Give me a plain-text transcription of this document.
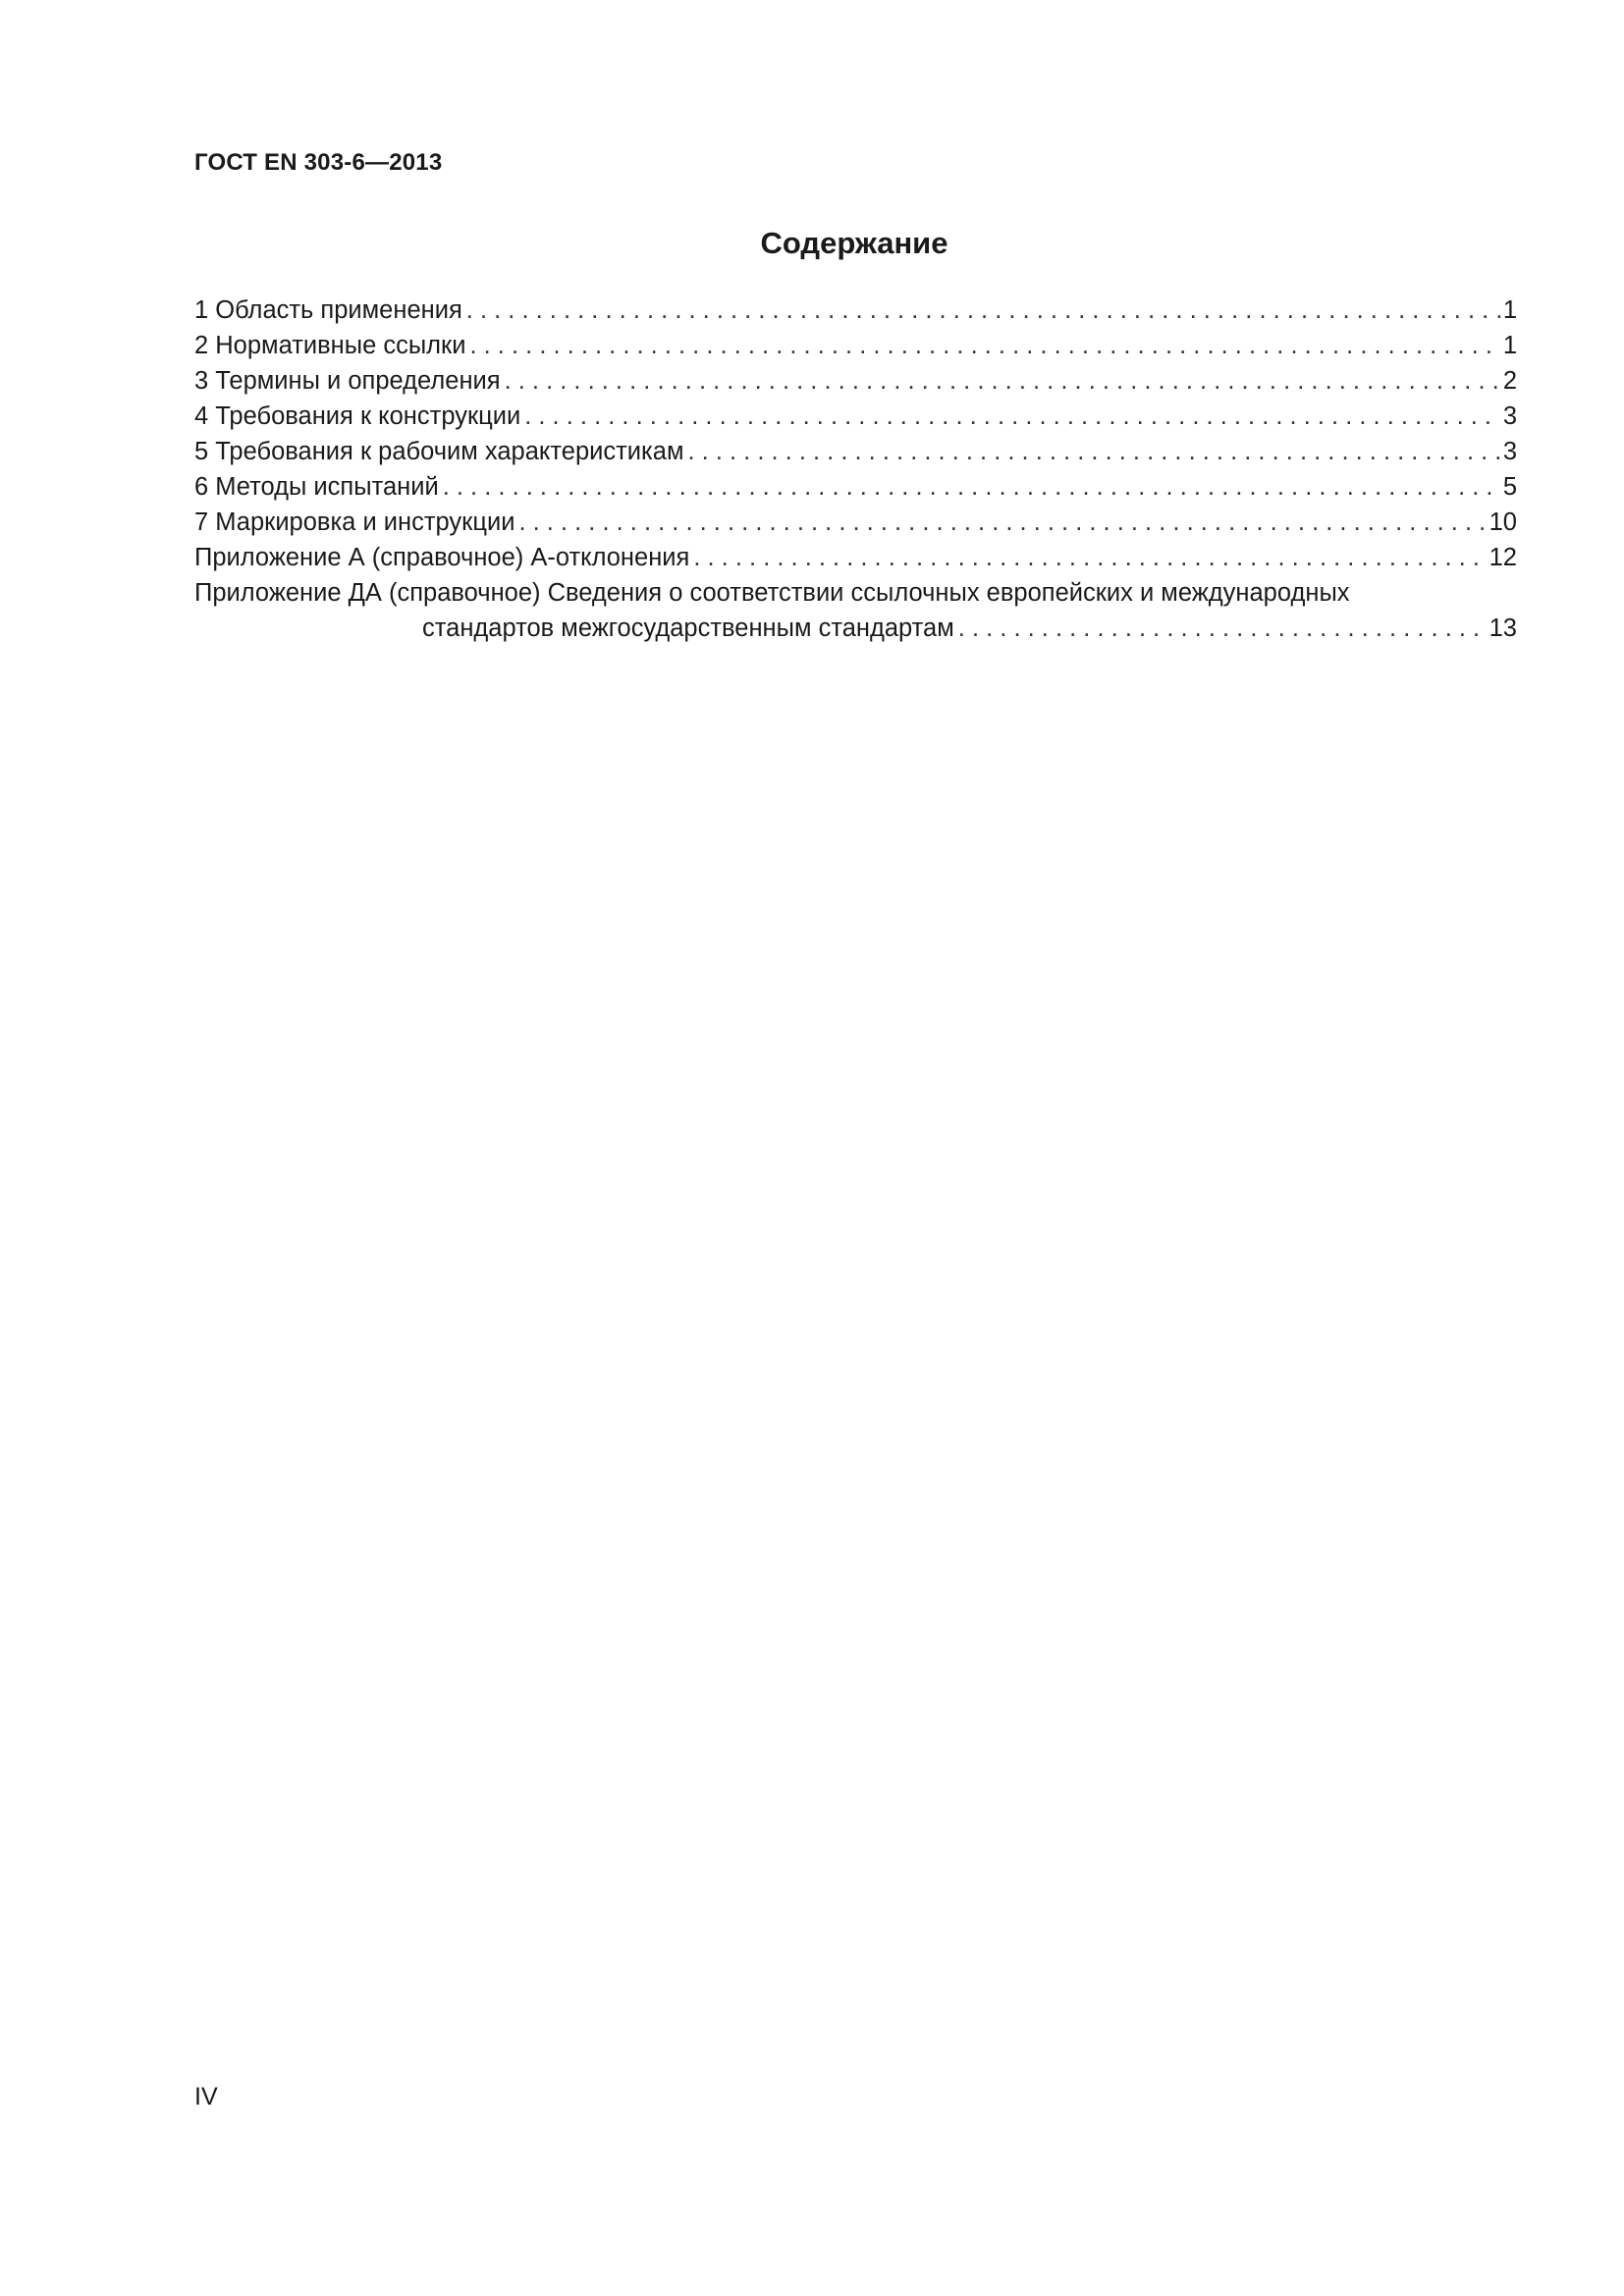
ГОСТ EN 303-6—2013
Содержание
1 Область применения . . .	1
2 Нормативные ссылки . . .	1
3 Термины и определения . . .	2
4 Требования к конструкции . . .	3
5 Требования к рабочим характеристикам . . .	3
6 Методы испытаний . . .	5
7 Маркировка и инструкции . . .	10
Приложение А (справочное) А-отклонения . . .	12
Приложение ДА (справочное) Сведения о соответствии ссылочных европейских и международных
стандартов межгосударственным стандартам . . .	13
IV
